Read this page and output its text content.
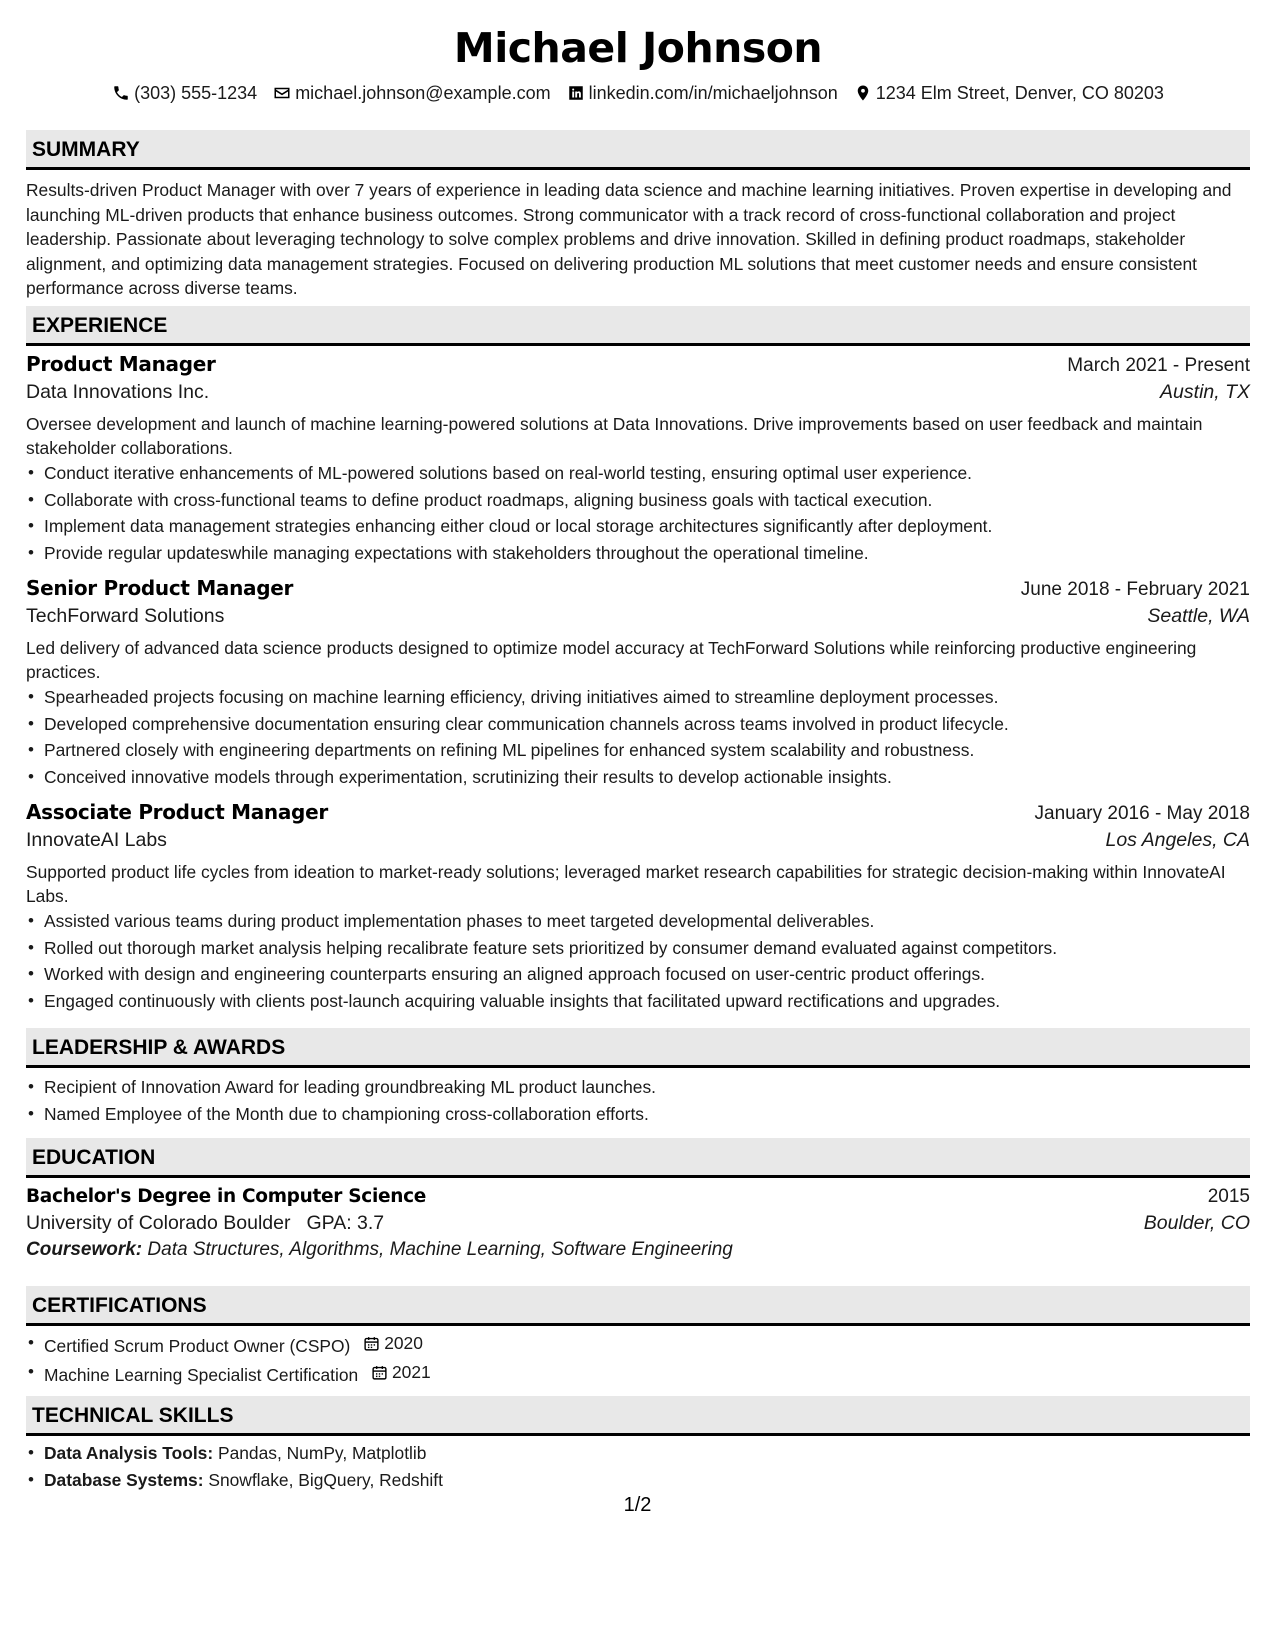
Michael Johnson
(303) 555-1234 michael.johnson@example.com linkedin.com/in/michaeljohnson 1234 Elm Street, Denver, CO 80203
SUMMARY

Results-driven Product Manager with over 7 years of experience in leading data science and machine learning initiatives. Proven expertise in developing and launching ML-driven products that enhance business outcomes. Strong communicator with a track record of cross-functional collaboration and project leadership. Passionate about leveraging technology to solve complex problems and drive innovation. Skilled in defining product roadmaps, stakeholder alignment, and optimizing data management strategies. Focused on delivering production ML solutions that meet customer needs and ensure consistent performance across diverse teams.

EXPERIENCE
Product Manager	March 2021 - Present
Data Innovations Inc.	Austin, TX
Oversee development and launch of machine learning-powered solutions at Data Innovations. Drive improvements based on user feedback and maintain stakeholder collaborations.
• Conduct iterative enhancements of ML-powered solutions based on real-world testing, ensuring optimal user experience.
• Collaborate with cross-functional teams to define product roadmaps, aligning business goals with tactical execution.
• Implement data management strategies enhancing either cloud or local storage architectures significantly after deployment.
• Provide regular updateswhile managing expectations with stakeholders throughout the operational timeline.
Senior Product Manager	June 2018 - February 2021
TechForward Solutions	Seattle, WA
Led delivery of advanced data science products designed to optimize model accuracy at TechForward Solutions while reinforcing productive engineering practices.
• Spearheaded projects focusing on machine learning efficiency, driving initiatives aimed to streamline deployment processes.
• Developed comprehensive documentation ensuring clear communication channels across teams involved in product lifecycle.
• Partnered closely with engineering departments on refining ML pipelines for enhanced system scalability and robustness.
• Conceived innovative models through experimentation, scrutinizing their results to develop actionable insights.
Associate Product Manager	January 2016 - May 2018
InnovateAI Labs	Los Angeles, CA
Supported product life cycles from ideation to market-ready solutions; leveraged market research capabilities for strategic decision-making within InnovateAI Labs.
• Assisted various teams during product implementation phases to meet targeted developmental deliverables.
• Rolled out thorough market analysis helping recalibrate feature sets prioritized by consumer demand evaluated against competitors.
• Worked with design and engineering counterparts ensuring an aligned approach focused on user-centric product offerings.
• Engaged continuously with clients post-launch acquiring valuable insights that facilitated upward rectifications and upgrades.
LEADERSHIP & AWARDS
• Recipient of Innovation Award for leading groundbreaking ML product launches.
• Named Employee of the Month due to championing cross-collaboration efforts.
EDUCATION
Bachelor's Degree in Computer Science	2015
University of Colorado Boulder GPA: 3.7	Boulder, CO
Coursework: Data Structures, Algorithms, Machine Learning, Software Engineering
CERTIFICATIONS
• Certified Scrum Product Owner (CSPO) 2020
• Machine Learning Specialist Certification 2021
TECHNICAL SKILLS
• Data Analysis Tools: Pandas, NumPy, Matplotlib
• Database Systems: Snowflake, BigQuery, Redshift
1/2
